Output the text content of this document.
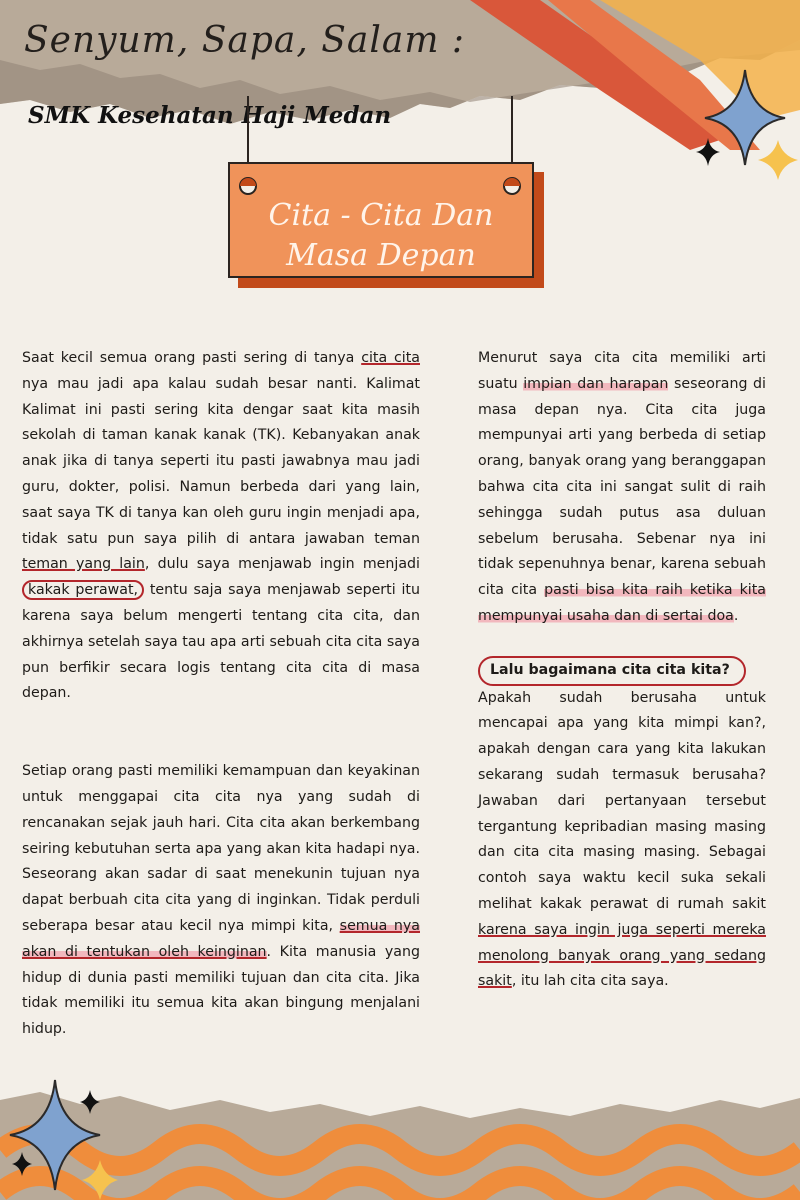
Senyum, Sapa, Salam :
SMK Kesehatan Haji Medan
Cita - Cita Dan
Masa Depan

Saat kecil semua orang pasti sering di tanya cita cita nya mau jadi apa kalau sudah besar nanti. Kalimat Kalimat ini pasti sering kita dengar saat kita masih sekolah di taman kanak kanak (TK). Kebanyakan anak anak jika di tanya seperti itu pasti jawabnya mau jadi guru, dokter, polisi. Namun berbeda dari yang lain, saat saya TK di tanya kan oleh guru ingin menjadi apa, tidak satu pun saya pilih di antara jawaban teman teman yang lain, dulu saya menjawab ingin menjadi kakak perawat, tentu saja saya menjawab seperti itu karena saya belum mengerti tentang cita cita, dan akhirnya setelah saya tau apa arti sebuah cita cita saya pun berfikir secara logis tentang cita cita di masa depan.

Setiap orang pasti memiliki kemampuan dan keyakinan untuk menggapai cita cita nya yang sudah di rencanakan sejak jauh hari. Cita cita akan berkembang seiring kebutuhan serta apa yang akan kita hadapi nya. Seseorang akan sadar di saat menekunin tujuan nya dapat berbuah cita cita yang di inginkan. Tidak perduli seberapa besar atau kecil nya mimpi kita, semua nya akan di tentukan oleh keinginan. Kita manusia yang hidup di dunia pasti memiliki tujuan dan cita cita. Jika tidak memiliki itu semua kita akan bingung menjalani hidup.

Menurut saya cita cita memiliki arti suatu impian dan harapan seseorang di masa depan nya. Cita cita juga mempunyai arti yang berbeda di setiap orang, banyak orang yang beranggapan bahwa cita cita ini sangat sulit di raih sehingga sudah putus asa duluan sebelum berusaha. Sebenar nya ini tidak sepenuhnya benar, karena sebuah cita cita pasti bisa kita raih ketika kita mempunyai usaha dan di sertai doa.

Lalu bagaimana cita cita kita?

Apakah sudah berusaha untuk mencapai apa yang kita mimpi kan?, apakah dengan cara yang kita lakukan sekarang sudah termasuk berusaha? Jawaban dari pertanyaan tersebut tergantung kepribadian masing masing dan cita cita masing masing. Sebagai contoh saya waktu kecil suka sekali melihat kakak perawat di rumah sakit karena saya ingin juga seperti mereka menolong banyak orang yang sedang sakit, itu lah cita cita saya.
